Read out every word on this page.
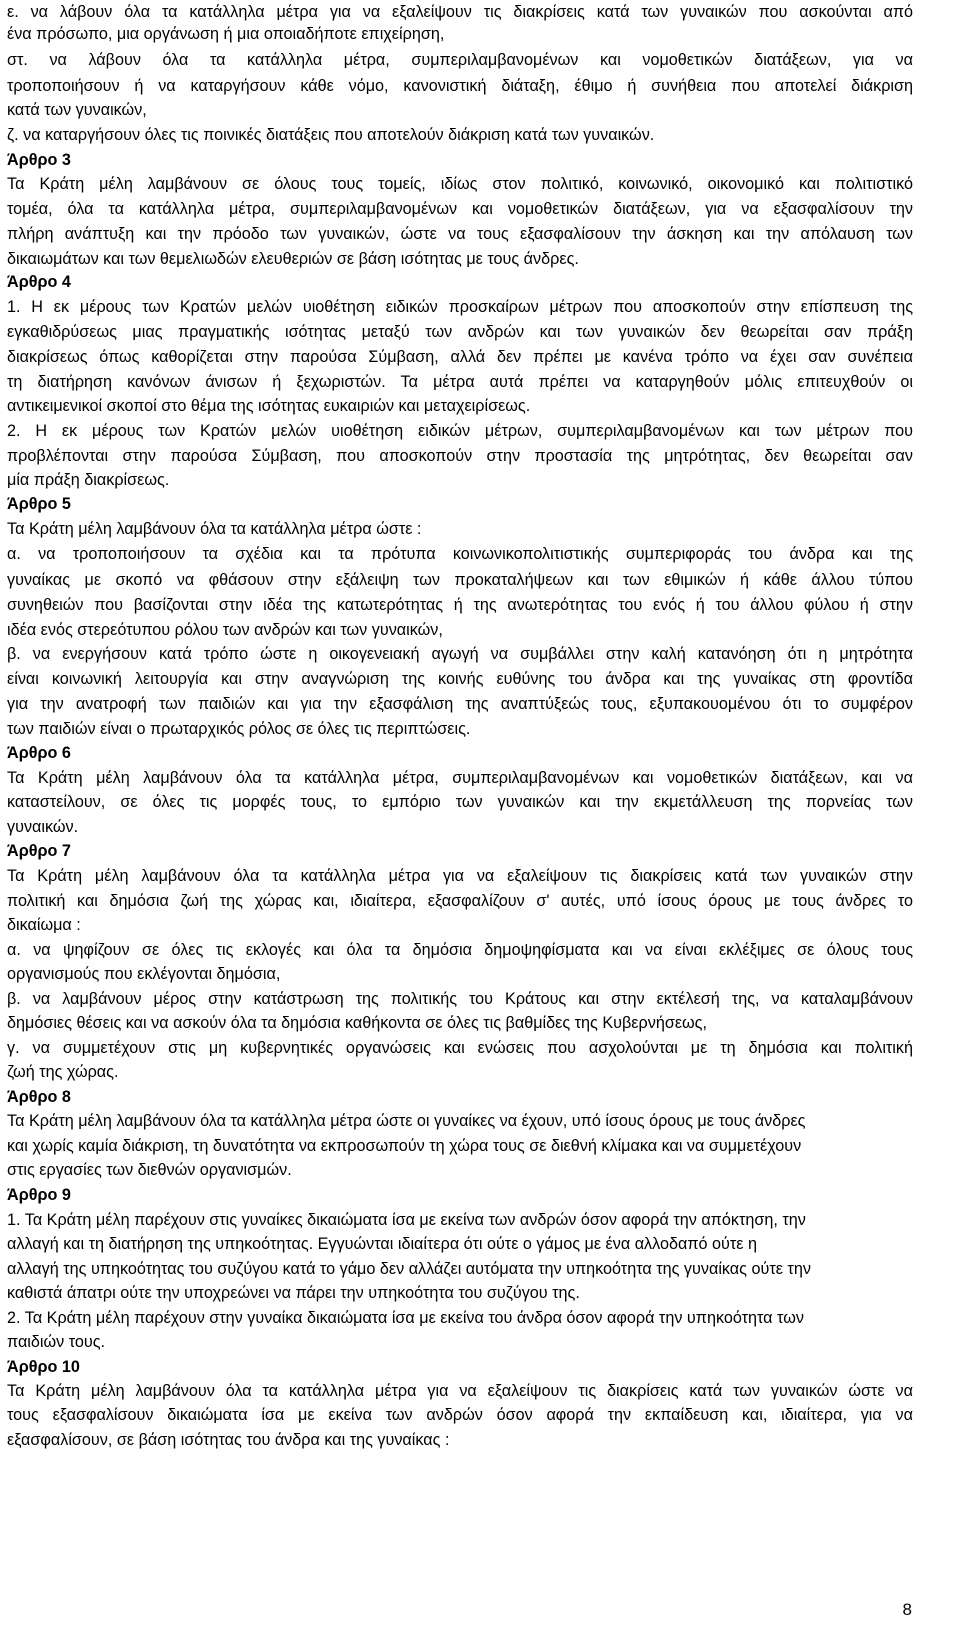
ε. να λάβουν όλα τα κατάλληλα μέτρα για να εξαλείψουν τις διακρίσεις κατά των γυναικών που ασκούνται από
ένα πρόσωπο, μια οργάνωση ή μια οποιαδήποτε επιχείρηση,
στ. να λάβουν όλα τα κατάλληλα μέτρα, συμπεριλαμβανομένων και νομοθετικών διατάξεων, για να
τροποποιήσουν ή να καταργήσουν κάθε νόμο, κανονιστική διάταξη, έθιμο ή συνήθεια που αποτελεί διάκριση
κατά των γυναικών,
ζ. να καταργήσουν όλες τις ποινικές διατάξεις που αποτελούν διάκριση κατά των γυναικών.
Άρθρο 3
Τα Κράτη μέλη λαμβάνουν σε όλους τους τομείς, ιδίως στον πολιτικό, κοινωνικό, οικονομικό και πολιτιστικό
τομέα, όλα τα κατάλληλα μέτρα, συμπεριλαμβανομένων και νομοθετικών διατάξεων, για να εξασφαλίσουν την
πλήρη ανάπτυξη και την πρόοδο των γυναικών, ώστε να τους εξασφαλίσουν την άσκηση και την απόλαυση των
δικαιωμάτων και των θεμελιωδών ελευθεριών σε βάση ισότητας με τους άνδρες.
Άρθρο 4
1. Η εκ μέρους των Κρατών μελών υιοθέτηση ειδικών προσκαίρων μέτρων που αποσκοπούν στην επίσπευση της
εγκαθιδρύσεως μιας πραγματικής ισότητας μεταξύ των ανδρών και των γυναικών δεν θεωρείται σαν πράξη
διακρίσεως όπως καθορίζεται στην παρούσα Σύμβαση, αλλά δεν πρέπει με κανένα τρόπο να έχει σαν συνέπεια
τη διατήρηση κανόνων άνισων ή ξεχωριστών. Τα μέτρα αυτά πρέπει να καταργηθούν μόλις επιτευχθούν οι
αντικειμενικοί σκοποί στο θέμα της ισότητας ευκαιριών και μεταχειρίσεως.
2. Η εκ μέρους των Κρατών μελών υιοθέτηση ειδικών μέτρων, συμπεριλαμβανομένων και των μέτρων που
προβλέπονται στην παρούσα Σύμβαση, που αποσκοπούν στην προστασία της μητρότητας, δεν θεωρείται σαν
μία πράξη διακρίσεως.
Άρθρο 5
Τα Κράτη μέλη λαμβάνουν όλα τα κατάλληλα μέτρα ώστε :
α. να τροποποιήσουν τα σχέδια και τα πρότυπα κοινωνικοπολιτιστικής συμπεριφοράς του άνδρα και της
γυναίκας με σκοπό να φθάσουν στην εξάλειψη των προκαταλήψεων και των εθιμικών ή κάθε άλλου τύπου
συνηθειών που βασίζονται στην ιδέα της κατωτερότητας ή της ανωτερότητας του ενός ή του άλλου φύλου ή στην
ιδέα ενός στερεότυπου ρόλου των ανδρών και των γυναικών,
β. να ενεργήσουν κατά τρόπο ώστε η οικογενειακή αγωγή να συμβάλλει στην καλή κατανόηση ότι η μητρότητα
είναι κοινωνική λειτουργία και στην αναγνώριση της κοινής ευθύνης του άνδρα και της γυναίκας στη φροντίδα
για την ανατροφή των παιδιών και για την εξασφάλιση της αναπτύξεώς τους, εξυπακουομένου ότι το συμφέρον
των παιδιών είναι ο πρωταρχικός ρόλος σε όλες τις περιπτώσεις.
Άρθρο 6
Τα Κράτη μέλη λαμβάνουν όλα τα κατάλληλα μέτρα, συμπεριλαμβανομένων και νομοθετικών διατάξεων, και να
καταστείλουν, σε όλες τις μορφές τους, το εμπόριο των γυναικών και την εκμετάλλευση της πορνείας των
γυναικών.
Άρθρο 7
Τα Κράτη μέλη λαμβάνουν όλα τα κατάλληλα μέτρα για να εξαλείψουν τις διακρίσεις κατά των γυναικών στην
πολιτική και δημόσια ζωή της χώρας και, ιδιαίτερα, εξασφαλίζουν σ' αυτές, υπό ίσους όρους με τους άνδρες το
δικαίωμα :
α. να ψηφίζουν σε όλες τις εκλογές και όλα τα δημόσια δημοψηφίσματα και να είναι εκλέξιμες σε όλους τους
οργανισμούς που εκλέγονται δημόσια,
β. να λαμβάνουν μέρος στην κατάστρωση της πολιτικής του Κράτους και στην εκτέλεσή της, να καταλαμβάνουν
δημόσιες θέσεις και να ασκούν όλα τα δημόσια καθήκοντα σε όλες τις βαθμίδες της Κυβερνήσεως,
γ. να συμμετέχουν στις μη κυβερνητικές οργανώσεις και ενώσεις που ασχολούνται με τη δημόσια και πολιτική
ζωή της χώρας.
Άρθρο 8
Τα Κράτη μέλη λαμβάνουν όλα τα κατάλληλα μέτρα ώστε οι γυναίκες να έχουν, υπό ίσους όρους με τους άνδρες
και χωρίς καμία διάκριση, τη δυνατότητα να εκπροσωπούν τη χώρα τους σε διεθνή κλίμακα και να συμμετέχουν
στις εργασίες των διεθνών οργανισμών.
Άρθρο 9
1. Τα Κράτη μέλη παρέχουν στις γυναίκες δικαιώματα ίσα με εκείνα των ανδρών όσον αφορά την απόκτηση, την
αλλαγή και τη διατήρηση της υπηκοότητας. Εγγυώνται ιδιαίτερα ότι ούτε ο γάμος με ένα αλλοδαπό ούτε η
αλλαγή της υπηκοότητας του συζύγου κατά το γάμο δεν αλλάζει αυτόματα την υπηκοότητα της γυναίκας ούτε την
καθιστά άπατρι ούτε την υποχρεώνει να πάρει την υπηκοότητα του συζύγου της.
2. Τα Κράτη μέλη παρέχουν στην γυναίκα δικαιώματα ίσα με εκείνα του άνδρα όσον αφορά την υπηκοότητα των
παιδιών τους.
Άρθρο 10
Τα Κράτη μέλη λαμβάνουν όλα τα κατάλληλα μέτρα για να εξαλείψουν τις διακρίσεις κατά των γυναικών ώστε να
τους εξασφαλίσουν δικαιώματα ίσα με εκείνα των ανδρών όσον αφορά την εκπαίδευση και, ιδιαίτερα, για να
εξασφαλίσουν, σε βάση ισότητας του άνδρα και της γυναίκας :
8
